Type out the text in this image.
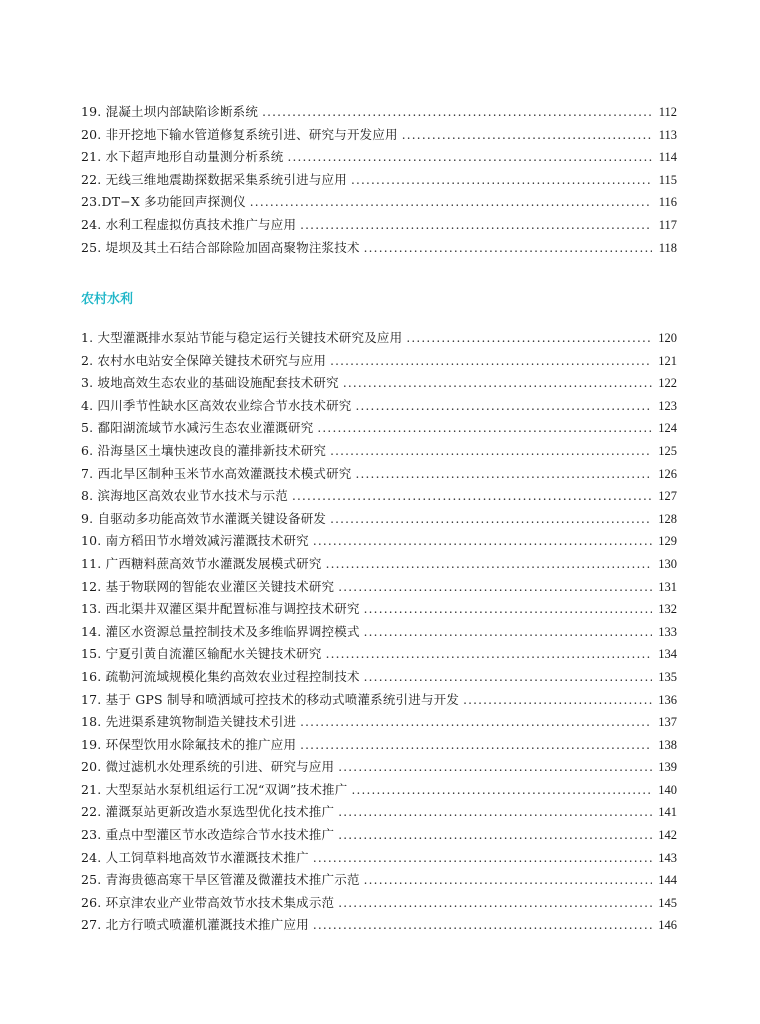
19. 混凝土坝内部缺陷诊断系统 .....	112
20. 非开挖地下输水管道修复系统引进、研究与开发应用 .....	113
21. 水下超声地形自动量测分析系统 .....	114
22. 无线三维地震勘探数据采集系统引进与应用 .....	115
23.DT−X 多功能回声探测仪 .....	116
24. 水利工程虚拟仿真技术推广与应用 .....	117
25. 堤坝及其土石结合部除险加固高聚物注浆技术 .....	118
农村水利
1. 大型灌溉排水泵站节能与稳定运行关键技术研究及应用 .....	120
2. 农村水电站安全保障关键技术研究与应用 .....	121
3. 坡地高效生态农业的基础设施配套技术研究 .....	122
4. 四川季节性缺水区高效农业综合节水技术研究 .....	123
5. 鄱阳湖流域节水减污生态农业灌溉研究 .....	124
6. 沿海垦区土壤快速改良的灌排新技术研究 .....	125
7. 西北旱区制种玉米节水高效灌溉技术模式研究 .....	126
8. 滨海地区高效农业节水技术与示范 .....	127
9. 自驱动多功能高效节水灌溉关键设备研发 .....	128
10. 南方稻田节水增效减污灌溉技术研究 .....	129
11. 广西糖料蔗高效节水灌溉发展模式研究 .....	130
12. 基于物联网的智能农业灌区关键技术研究 .....	131
13. 西北渠井双灌区渠井配置标准与调控技术研究 .....	132
14. 灌区水资源总量控制技术及多维临界调控模式 .....	133
15. 宁夏引黄自流灌区输配水关键技术研究 .....	134
16. 疏勒河流域规模化集约高效农业过程控制技术 .....	135
17. 基于 GPS 制导和喷洒域可控技术的移动式喷灌系统引进与开发 .....	136
18. 先进渠系建筑物制造关键技术引进 .....	137
19. 环保型饮用水除氟技术的推广应用 .....	138
20. 微过滤机水处理系统的引进、研究与应用 .....	139
21. 大型泵站水泵机组运行工况“双调”技术推广 .....	140
22. 灌溉泵站更新改造水泵选型优化技术推广 .....	141
23. 重点中型灌区节水改造综合节水技术推广 .....	142
24. 人工饲草料地高效节水灌溉技术推广 .....	143
25. 青海贵德高寒干旱区管灌及微灌技术推广示范 .....	144
26. 环京津农业产业带高效节水技术集成示范 .....	145
27. 北方行喷式喷灌机灌溉技术推广应用 .....	146
